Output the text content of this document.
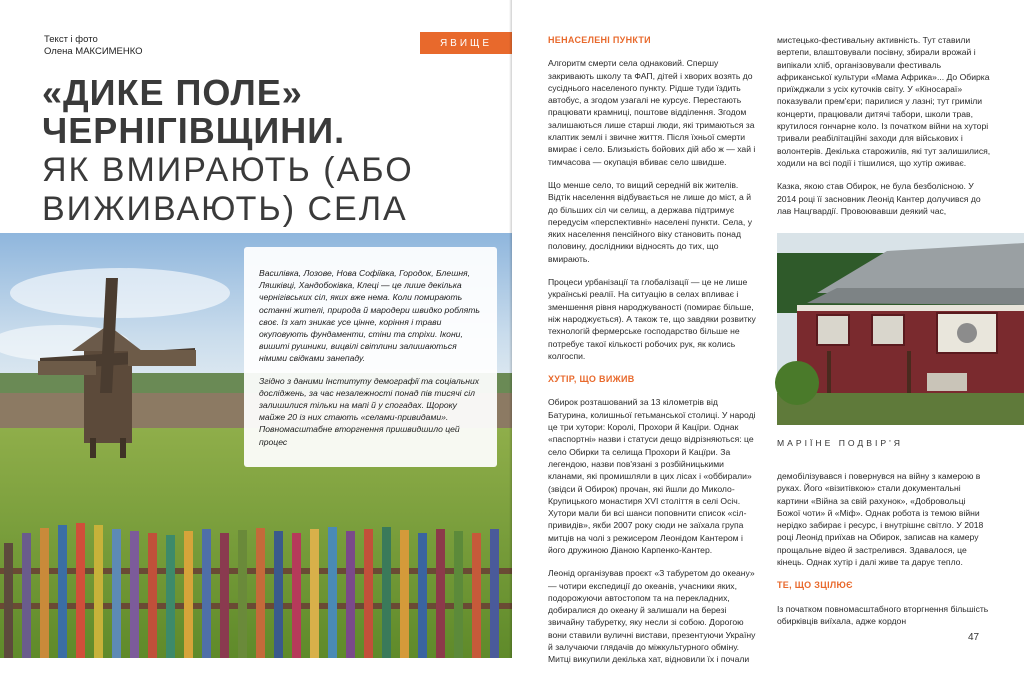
Текст і фото
Олена МАКСИМЕНКО
ЯВИЩЕ
«ДИКЕ ПОЛЕ»
ЧЕРНІГІВЩИНИ.
ЯК ВМИРАЮТЬ (АБО
ВИЖИВАЮТЬ) СЕЛА

Василівка, Лозове, Нова Софіївка, Городок, Блешня, Ляшківці, Хандобоківка, Клеці — це лише декілька чернігівських сіл, яких вже нема. Коли помирають останні жителі, природа й мародери швидко роблять своє. Із хат зникає усе цінне, коріння і трави окуповують фундаменти, стіни та стріхи. Ікони, вишиті рушники, вицвілі світлини залишаються німими свідками занепаду.

Згідно з даними Інституту демографії та соціальних досліджень, за час незалежності понад пів тисячі сіл залишилися тільки на мапі й у спогадах. Щороку майже 20 із них стають «селами-привидами». Повномасштабне вторгнення пришвидшило цей процес

НЕНАСЕЛЕНІ ПУНКТИ

Алгоритм смерти села однаковий. Спершу закривають школу та ФАП, дітей і хворих возять до сусіднього населеного пункту. Рідше туди їздить автобус, а згодом узагалі не курсує. Перестають працювати крамниці, поштове відділення. Згодом залишаються лише старші люди, які тримаються за клаптик землі і звичне життя. Після їхньої смерти вмирає і село. Близькість бойових дій або ж — хай і тимчасова — окупація вбиває село швидше.

Що менше село, то вищий середній вік жителів. Відтік населення відбувається не лише до міст, а й до більших сіл чи селищ, а держава підтримує передусім «перспективні» населені пункти. Села, у яких населення пенсійного віку становить понад половину, дослідники відносять до тих, що вмирають.

Процеси урбанізації та глобалізації — це не лише українські реалії. На ситуацію в селах впливає і зменшення рівня народжуваності (помирає більше, ніж народжується). А також те, що завдяки розвитку технологій фермерське господарство більше не потребує такої кількості робочих рук, як колись колгоспи.

ХУТІР, ЩО ВИЖИВ

Обирок розташований за 13 кілометрів від Батурина, колишньої гетьманської столиці. У народі це три хутори: Королі, Прохори й Кацїри. Однак «паспортні» назви і статуси дещо відрізняються: це село Обирки та селища Прохори й Кацїри. За легендою, назви пов'язані з розбійницькими кланами, які промишляли в цих лісах і «оббирали» (звідси й Обирок) прочан, які йшли до Миколо-Крупицького монастиря XVI століття в селі Осіч. Хутори мали би всі шанси поповнити список «сіл-привидів», якби 2007 року сюди не заїхала група митців на чолі з режисером Леонідом Кантером і його дружиною Діаною Карпенко-Кантер.

Леонід організував проєкт «З табуретом до океану» — чотири експедиції до океанів, учасники яких, подорожуючи автостопом та на перекладних, добиралися до океану й залишали на березі звичайну табуретку, яку несли зі собою. Дорогою вони ставили вуличні вистави, презентуючи Україну й залучаючи глядачів до міжкультурного обміну. Митці викупили декілька хат, відновили їх і почали

мистецько-фестивальну активність. Тут ставили вертепи, влаштовували посівну, збирали врожай і випікали хліб, організовували фестиваль африканської культури «Мама Африка»... До Обирка приїжджали з усіх куточків світу. У «Кіносараї» показували прем'єри; парилися у лазні; тут гриміли концерти, працювали дитячі табори, школи трав, крутилося гончарне коло. Із початком війни на хуторі тривали реабілітаційні заходи для військових і волонтерів. Декілька старожилів, які тут залишилися, ходили на всі події і тішилися, що хутір оживає.

Казка, якою став Обирок, не була безболісною. У 2014 році її засновник Леонід Кантер долучився до лав Нацгвардії. Провоювавши деякий час,

МАРІЇНЕ ПОДВІР'Я

демобілізувався і повернувся на війну з камерою в руках. Його «візитівкою» стали документальні картини «Війна за свій рахунок», «Добровольці Божої чоти» й «Міф». Однак робота із темою війни нерідко забирає і ресурс, і внутрішнє світло. У 2018 році Леонід приїхав на Обирок, записав на камеру прощальне відео й застрелився. Здавалося, це кінець. Однак хутір і далі живе та дарує тепло.

ТЕ, ЩО ЗЦІЛЮЄ

Із початком повномасштабного вторгнення більшість обирківців виїхала, адже кордон

47
